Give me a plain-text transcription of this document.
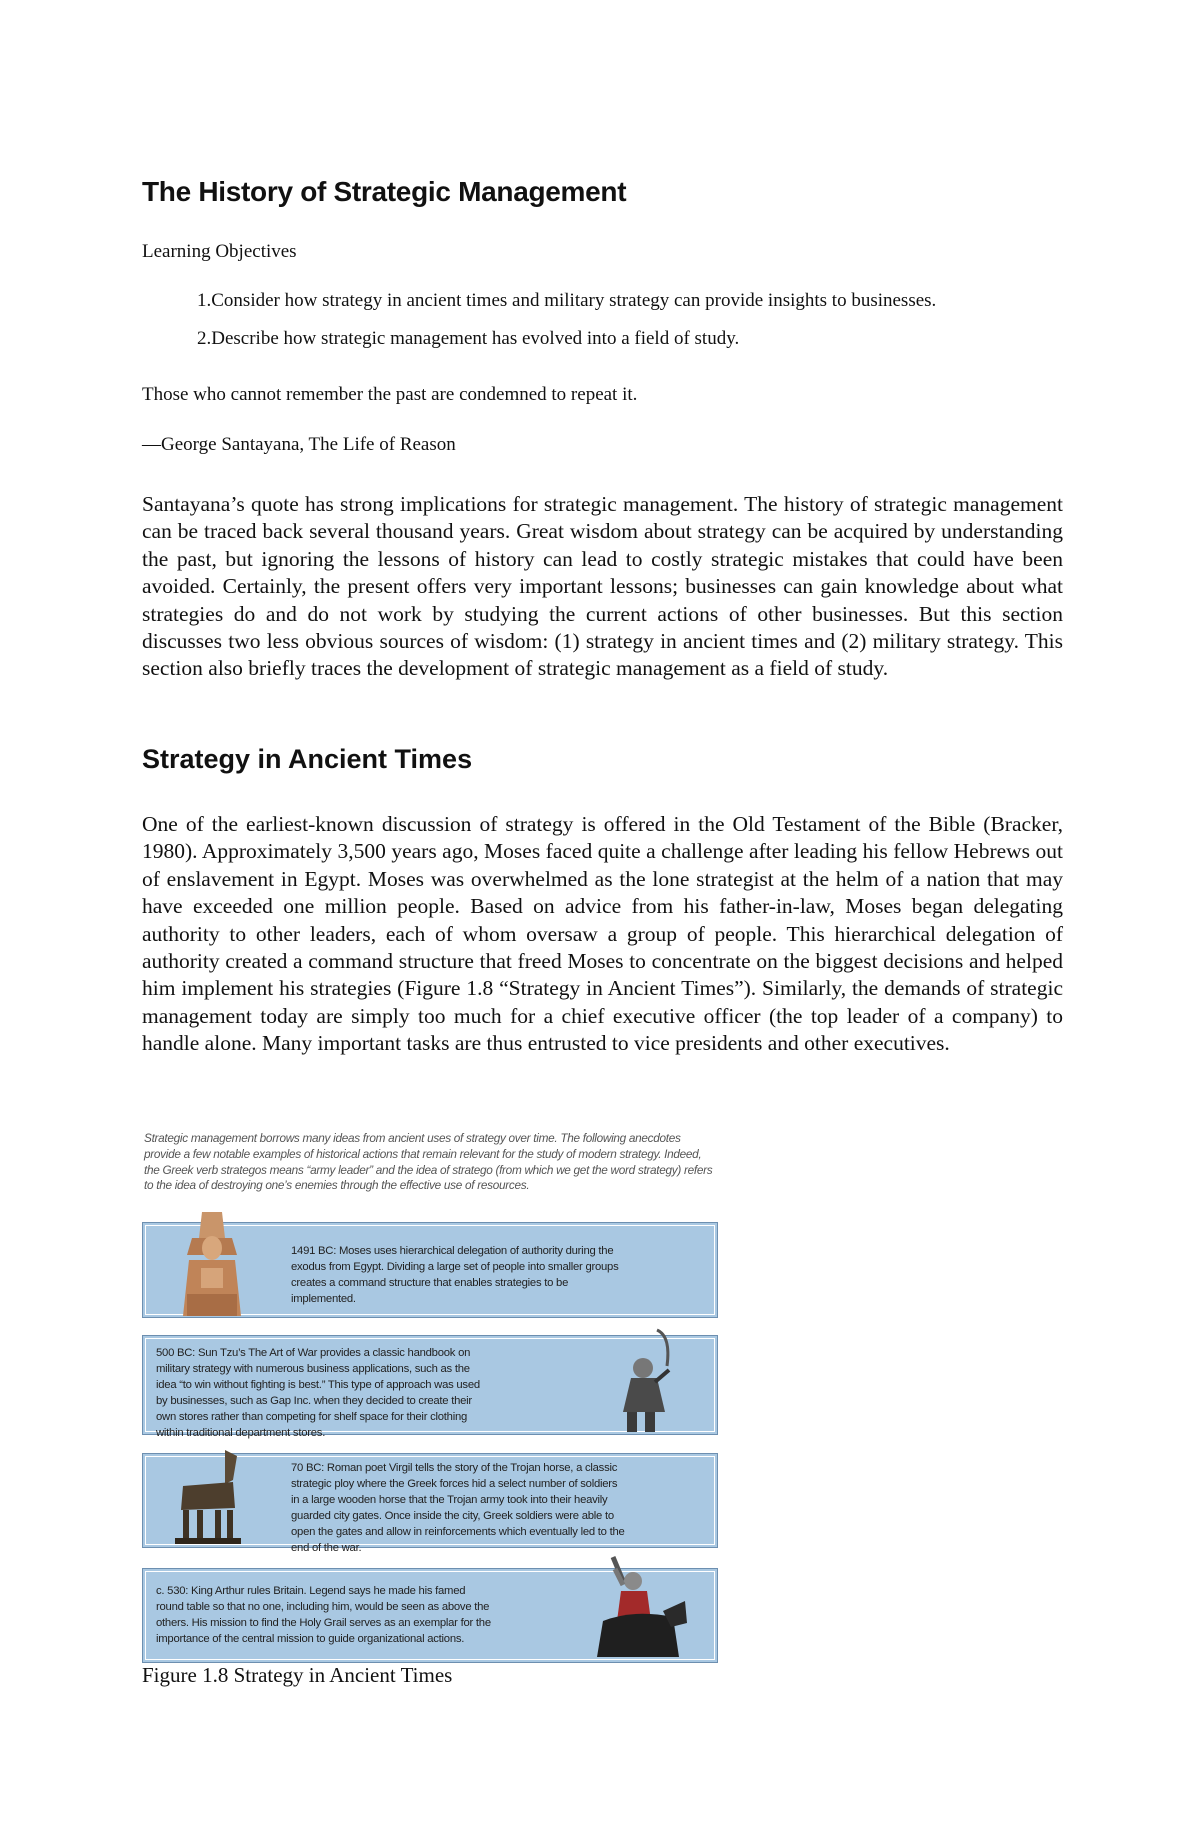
The History of Strategic Management
Learning Objectives
1.Consider how strategy in ancient times and military strategy can provide insights to businesses.
2.Describe how strategic management has evolved into a field of study.
Those who cannot remember the past are condemned to repeat it.
—George Santayana, The Life of Reason

Santayana’s quote has strong implications for strategic management. The history of strategic management can be traced back several thousand years. Great wisdom about strategy can be acquired by understanding the past, but ignoring the lessons of history can lead to costly strategic mistakes that could have been avoided. Certainly, the present offers very important lessons; businesses can gain knowledge about what strategies do and do not work by studying the current actions of other businesses. But this section discusses two less obvious sources of wisdom: (1) strategy in ancient times and (2) military strategy. This section also briefly traces the development of strategic management as a field of study.

Strategy in Ancient Times

One of the earliest-known discussion of strategy is offered in the Old Testament of the Bible (Bracker, 1980). Approximately 3,500 years ago, Moses faced quite a challenge after leading his fellow Hebrews out of enslavement in Egypt. Moses was overwhelmed as the lone strategist at the helm of a nation that may have exceeded one million people. Based on advice from his father-in-law, Moses began delegating authority to other leaders, each of whom oversaw a group of people. This hierarchical delegation of authority created a command structure that freed Moses to concentrate on the biggest decisions and helped him implement his strategies (Figure 1.8 “Strategy in Ancient Times”). Similarly, the demands of strategic management today are simply too much for a chief executive officer (the top leader of a company) to handle alone. Many important tasks are thus entrusted to vice presidents and other executives.

Strategic management borrows many ideas from ancient uses of strategy over time. The following anecdotes provide a few notable examples of historical actions that remain relevant for the study of modern strategy. Indeed, the Greek verb strategos means “army leader” and the idea of stratego (from which we get the word strategy) refers to the idea of destroying one’s enemies through the effective use of resources.
1491 BC: Moses uses hierarchical delegation of authority during the exodus from Egypt. Dividing a large set of people into smaller groups creates a command structure that enables strategies to be implemented.
500 BC: Sun Tzu’s The Art of War provides a classic handbook on military strategy with numerous business applications, such as the idea “to win without fighting is best.” This type of approach was used by businesses, such as Gap Inc. when they decided to create their own stores rather than competing for shelf space for their clothing within traditional department stores.
70 BC: Roman poet Virgil tells the story of the Trojan horse, a classic strategic ploy where the Greek forces hid a select number of soldiers in a large wooden horse that the Trojan army took into their heavily guarded city gates. Once inside the city, Greek soldiers were able to open the gates and allow in reinforcements which eventually led to the end of the war.
c. 530: King Arthur rules Britain. Legend says he made his famed round table so that no one, including him, would be seen as above the others. His mission to find the Holy Grail serves as an exemplar for the importance of the central mission to guide organizational actions.
Figure 1.8 Strategy in Ancient Times
